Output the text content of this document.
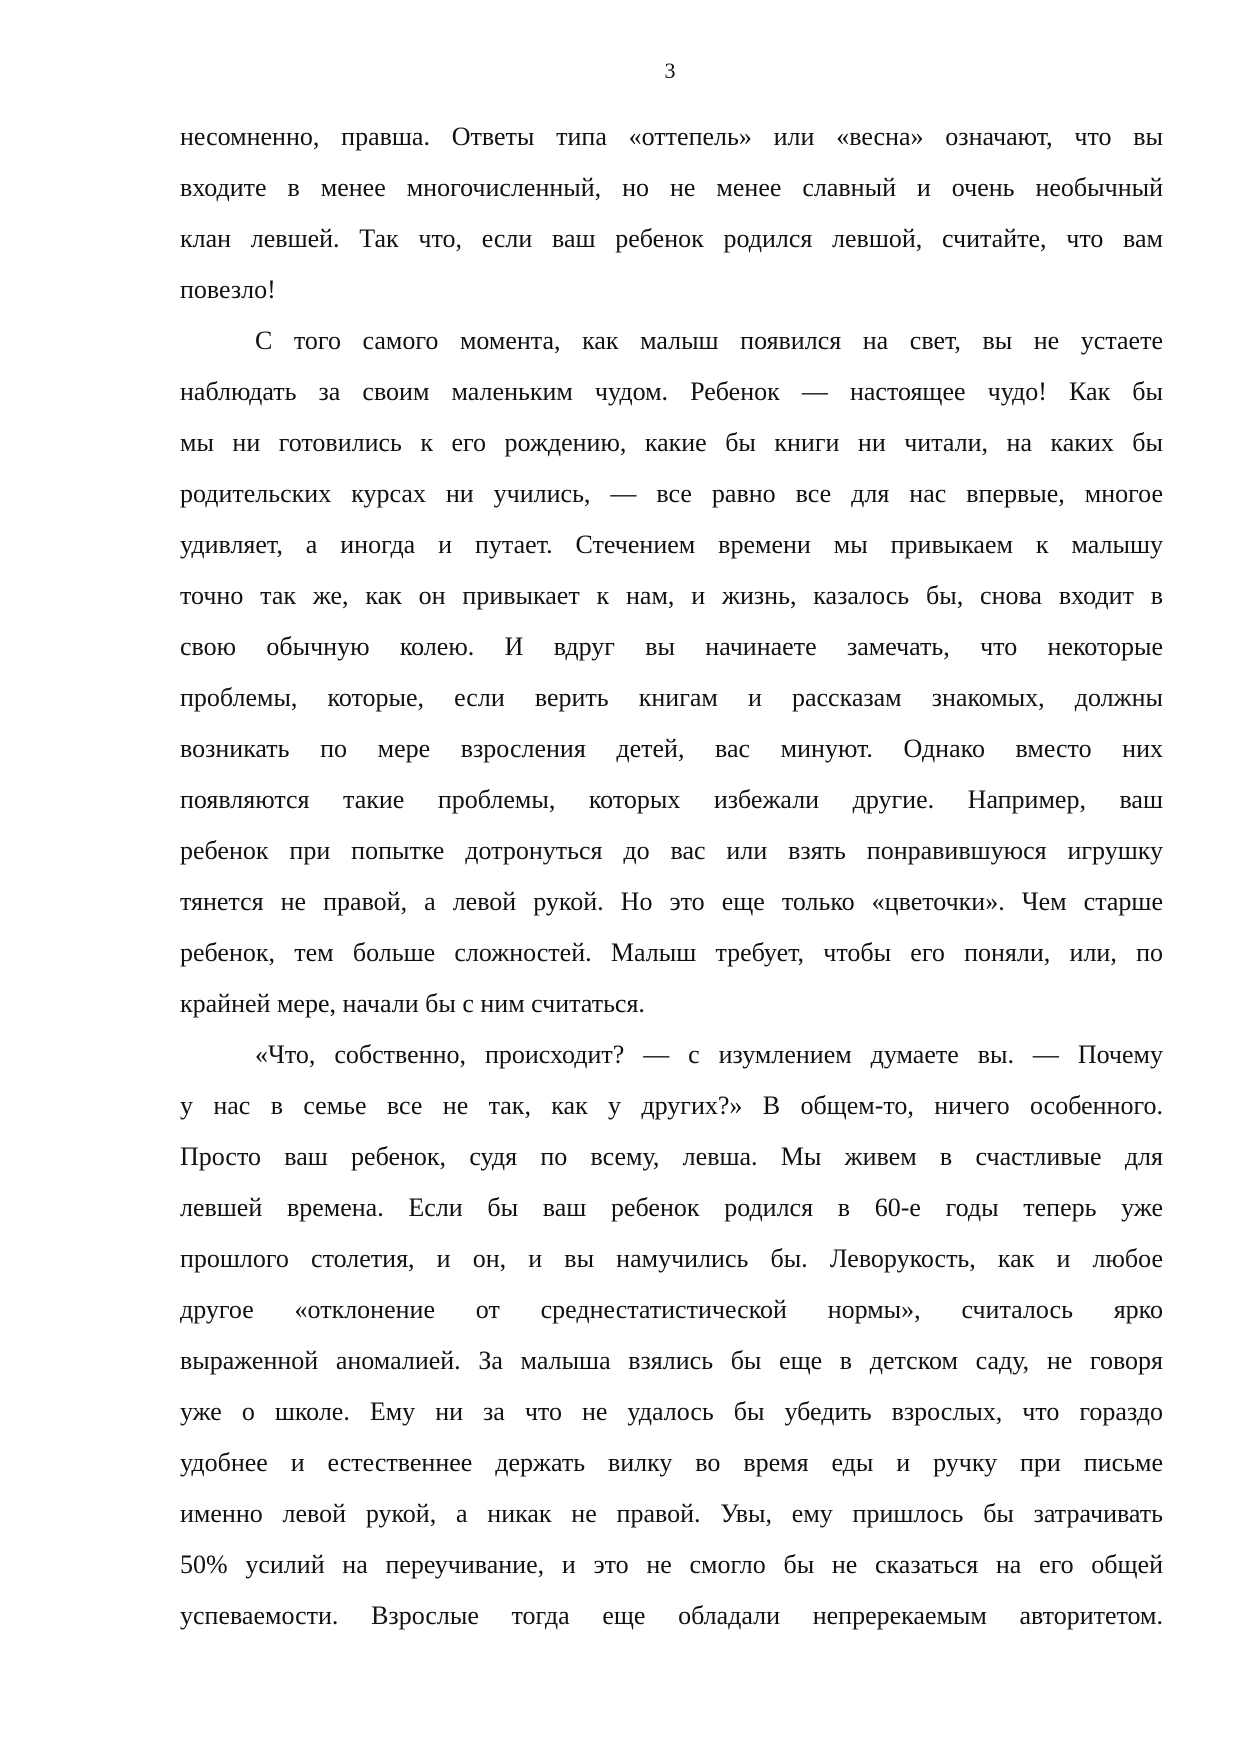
3
несомненно, правша. Ответы типа «оттепель» или «весна» означают, что вы
входите в менее многочисленный, но не менее славный и очень необычный
клан левшей. Так что, если ваш ребенок родился левшой, считайте, что вам
повезло!
С того самого момента, как малыш появился на свет, вы не устаете
наблюдать за своим маленьким чудом. Ребенок — настоящее чудо! Как бы
мы ни готовились к его рождению, какие бы книги ни читали, на каких бы
родительских курсах ни учились, — все равно все для нас впервые, многое
удивляет, а иногда и путает. Стечением времени мы привыкаем к малышу
точно так же, как он привыкает к нам, и жизнь, казалось бы, снова входит в
свою обычную колею. И вдруг вы начинаете замечать, что некоторые
проблемы, которые, если верить книгам и рассказам знакомых, должны
возникать по мере взросления детей, вас минуют. Однако вместо них
появляются такие проблемы, которых избежали другие. Например, ваш
ребенок при попытке дотронуться до вас или взять понравившуюся игрушку
тянется не правой, а левой рукой. Но это еще только «цветочки». Чем старше
ребенок, тем больше сложностей. Малыш требует, чтобы его поняли, или, по
крайней мере, начали бы с ним считаться.
«Что, собственно, происходит? — с изумлением думаете вы. — Почему
у нас в семье все не так, как у других?» В общем-то, ничего особенного.
Просто ваш ребенок, судя по всему, левша. Мы живем в счастливые для
левшей времена. Если бы ваш ребенок родился в 60-е годы теперь уже
прошлого столетия, и он, и вы намучились бы. Леворукость, как и любое
другое «отклонение от среднестатистической нормы», считалось ярко
выраженной аномалией. За малыша взялись бы еще в детском саду, не говоря
уже о школе. Ему ни за что не удалось бы убедить взрослых, что гораздо
удобнее и естественнее держать вилку во время еды и ручку при письме
именно левой рукой, а никак не правой. Увы, ему пришлось бы затрачивать
50% усилий на переучивание, и это не смогло бы не сказаться на его общей
успеваемости. Взрослые тогда еще обладали непререкаемым авторитетом.
